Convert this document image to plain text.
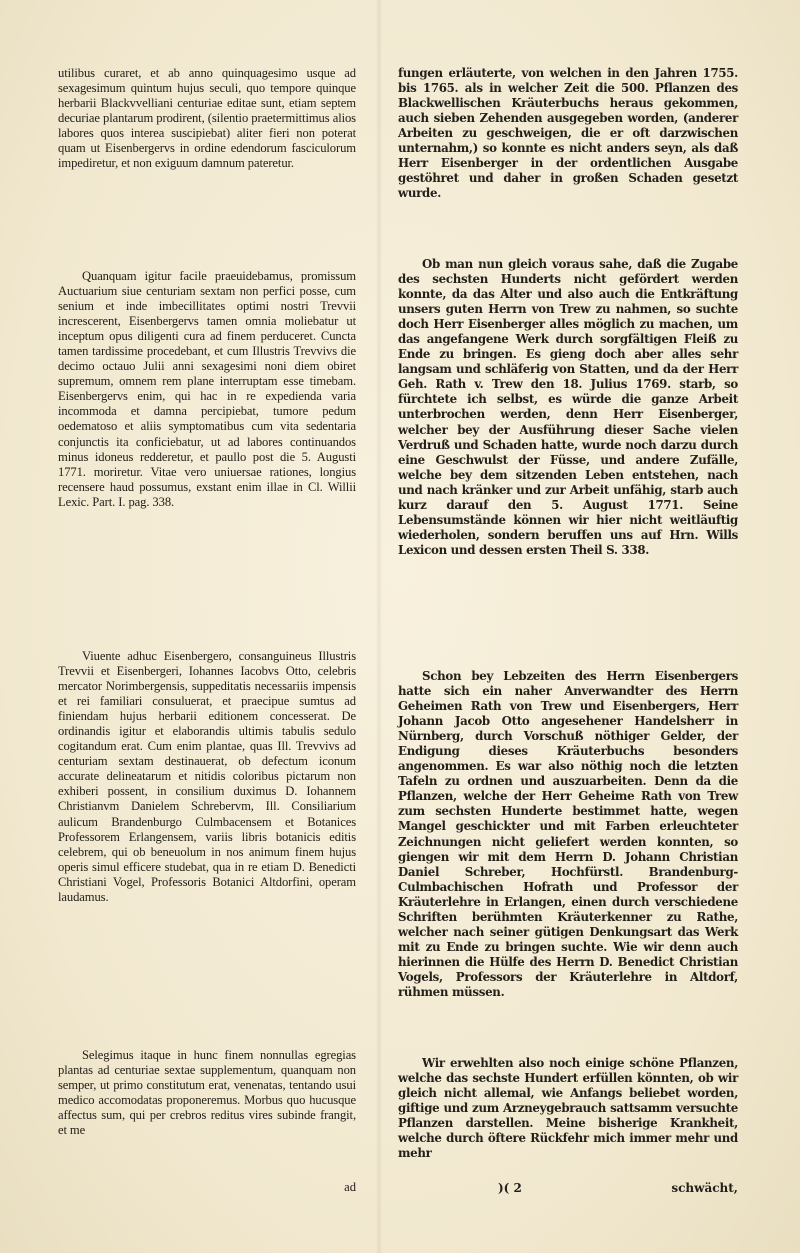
utilibus curaret, et ab anno quinquagesimo usque ad sexagesimum quintum hujus seculi, quo tempore quinque herbarii Blackvvelliani centuriae editae sunt, etiam septem decuriae plantarum prodirent, (silentio praetermittimus alios labores quos interea suscipiebat) aliter fieri non poterat quam ut Eisenbergervs in ordine edendorum fasciculorum impediretur, et non exiguum damnum pateretur.

Quanquam igitur facile praeuidebamus, promissum Auctuarium siue centuriam sextam non perfici posse, cum senium et inde imbecillitates optimi nostri Trevvii increscerent, Eisenbergervs tamen omnia moliebatur ut inceptum opus diligenti cura ad finem perduceret. Cuncta tamen tardissime procedebant, et cum Illustris Trevvivs die decimo octauo Julii anni sexagesimi noni diem obiret supremum, omnem rem plane interruptam esse timebam. Eisenbergervs enim, qui hac in re expedienda varia incommoda et damna percipiebat, tumore pedum oedematoso et aliis symptomatibus cum vita sedentaria conjunctis ita conficiebatur, ut ad labores continuandos minus idoneus redderetur, et paullo post die 5. Augusti 1771. moriretur. Vitae vero uniuersae rationes, longius recensere haud possumus, exstant enim illae in Cl. Willii Lexic. Part. I. pag. 338.

Viuente adhuc Eisenbergero, consanguineus Illustris Trevvii et Eisenbergeri, Iohannes Iacobvs Otto, celebris mercator Norimbergensis, suppeditatis necessariis impensis et rei familiari consuluerat, et praecipue sumtus ad finiendam hujus herbarii editionem concesserat. De ordinandis igitur et elaborandis ultimis tabulis sedulo cogitandum erat. Cum enim plantae, quas Ill. Trevvivs ad centuriam sextam destinauerat, ob defectum iconum accurate delineatarum et nitidis coloribus pictarum non exhiberi possent, in consilium duximus D. Iohannem Christianvm Danielem Schrebervm, Ill. Consiliarium aulicum Brandenburgo Culmbacensem et Botanices Professorem Erlangensem, variis libris botanicis editis celebrem, qui ob beneuolum in nos animum finem hujus operis simul efficere studebat, qua in re etiam D. Benedicti Christiani Vogel, Professoris Botanici Altdorfini, operam laudamus.

Selegimus itaque in hunc finem nonnullas egregias plantas ad centuriae sextae supplementum, quanquam non semper, ut primo constitutum erat, venenatas, tentando usui medico accomodatas proponeremus. Morbus quo hucusque affectus sum, qui per crebros reditus vires subinde frangit, et me

ad

fungen erläuterte, von welchen in den Jahren 1755. bis 1765. als in welcher Zeit die 500. Pflanzen des Blackwellischen Kräuterbuchs heraus gekommen, auch sieben Zehenden ausgegeben worden, (anderer Arbeiten zu geschweigen, die er oft darzwischen unternahm,) so konnte es nicht anders seyn, als daß Herr Eisenberger in der ordentlichen Ausgabe gestöhret und daher in großen Schaden gesetzt wurde.

Ob man nun gleich voraus sahe, daß die Zugabe des sechsten Hunderts nicht gefördert werden konnte, da das Alter und also auch die Entkräftung unsers guten Herrn von Trew zu nahmen, so suchte doch Herr Eisenberger alles möglich zu machen, um das angefangene Werk durch sorgfältigen Fleiß zu Ende zu bringen. Es gieng doch aber alles sehr langsam und schläferig von Statten, und da der Herr Geh. Rath v. Trew den 18. Julius 1769. starb, so fürchtete ich selbst, es würde die ganze Arbeit unterbrochen werden, denn Herr Eisenberger, welcher bey der Ausführung dieser Sache vielen Verdruß und Schaden hatte, wurde noch darzu durch eine Geschwulst der Füsse, und andere Zufälle, welche bey dem sitzenden Leben entstehen, nach und nach kränker und zur Arbeit unfähig, starb auch kurz darauf den 5. August 1771. Seine Lebensumstände können wir hier nicht weitläuftig wiederholen, sondern beruffen uns auf Hrn. Wills Lexicon und dessen ersten Theil S. 338.

Schon bey Lebzeiten des Herrn Eisenbergers hatte sich ein naher Anverwandter des Herrn Geheimen Rath von Trew und Eisenbergers, Herr Johann Jacob Otto angesehener Handelsherr in Nürnberg, durch Vorschuß nöthiger Gelder, der Endigung dieses Kräuterbuchs besonders angenommen. Es war also nöthig noch die letzten Tafeln zu ordnen und auszuarbeiten. Denn da die Pflanzen, welche der Herr Geheime Rath von Trew zum sechsten Hunderte bestimmet hatte, wegen Mangel geschickter und mit Farben erleuchteter Zeichnungen nicht geliefert werden konnten, so giengen wir mit dem Herrn D. Johann Christian Daniel Schreber, Hochfürstl. Brandenburg-Culmbachischen Hofrath und Professor der Kräuterlehre in Erlangen, einen durch verschiedene Schriften berühmten Kräuterkenner zu Rathe, welcher nach seiner gütigen Denkungsart das Werk mit zu Ende zu bringen suchte. Wie wir denn auch hierinnen die Hülfe des Herrn D. Benedict Christian Vogels, Professors der Kräuterlehre in Altdorf, rühmen müssen.

Wir erwehlten also noch einige schöne Pflanzen, welche das sechste Hundert erfüllen könnten, ob wir gleich nicht allemal, wie Anfangs beliebet worden, giftige und zum Arzneygebrauch sattsamm versuchte Pflanzen darstellen. Meine bisherige Krankheit, welche durch öftere Rückfehr mich immer mehr und mehr

)( 2	schwächt,
